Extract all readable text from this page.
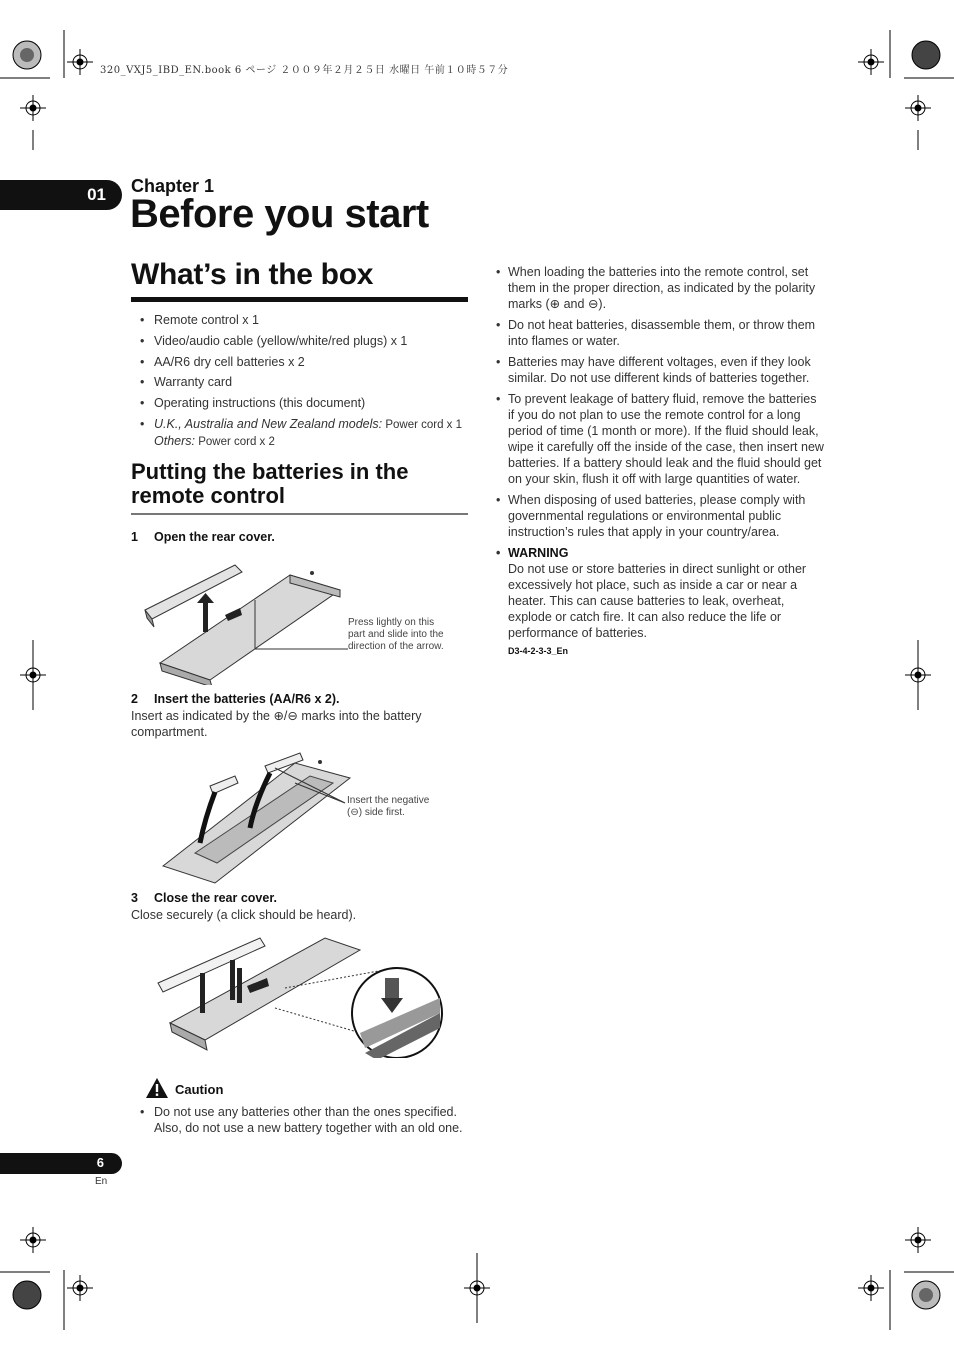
320_VXJ5_IBD_EN.book 6 ページ ２００９年２月２５日 水曜日 午前１０時５７分
01 Chapter 1
Before you start
What’s in the box
• Remote control x 1
• Video/audio cable (yellow/white/red plugs) x 1
• AA/R6 dry cell batteries x 2
• Warranty card
• Operating instructions (this document)
• U.K., Australia and New Zealand models: Power cord x 1
Others: Power cord x 2
Putting the batteries in the remote control
1 Open the rear cover.
Press lightly on this part and slide into the direction of the arrow.
2 Insert the batteries (AA/R6 x 2).
Insert as indicated by the ⊕/⊖ marks into the battery compartment.
Insert the negative (⊖) side first.
3 Close the rear cover.
Close securely (a click should be heard).
Caution
• Do not use any batteries other than the ones specified. Also, do not use a new battery together with an old one.
• When loading the batteries into the remote control, set them in the proper direction, as indicated by the polarity marks (⊕ and ⊖).
• Do not heat batteries, disassemble them, or throw them into flames or water.
• Batteries may have different voltages, even if they look similar. Do not use different kinds of batteries together.
• To prevent leakage of battery fluid, remove the batteries if you do not plan to use the remote control for a long period of time (1 month or more). If the fluid should leak, wipe it carefully off the inside of the case, then insert new batteries. If a battery should leak and the fluid should get on your skin, flush it off with large quantities of water.
• When disposing of used batteries, please comply with governmental regulations or environmental public instruction’s rules that apply in your country/area.
• WARNING
Do not use or store batteries in direct sunlight or other excessively hot place, such as inside a car or near a heater. This can cause batteries to leak, overheat, explode or catch fire. It can also reduce the life or performance of batteries.
D3-4-2-3-3_En
6
En
